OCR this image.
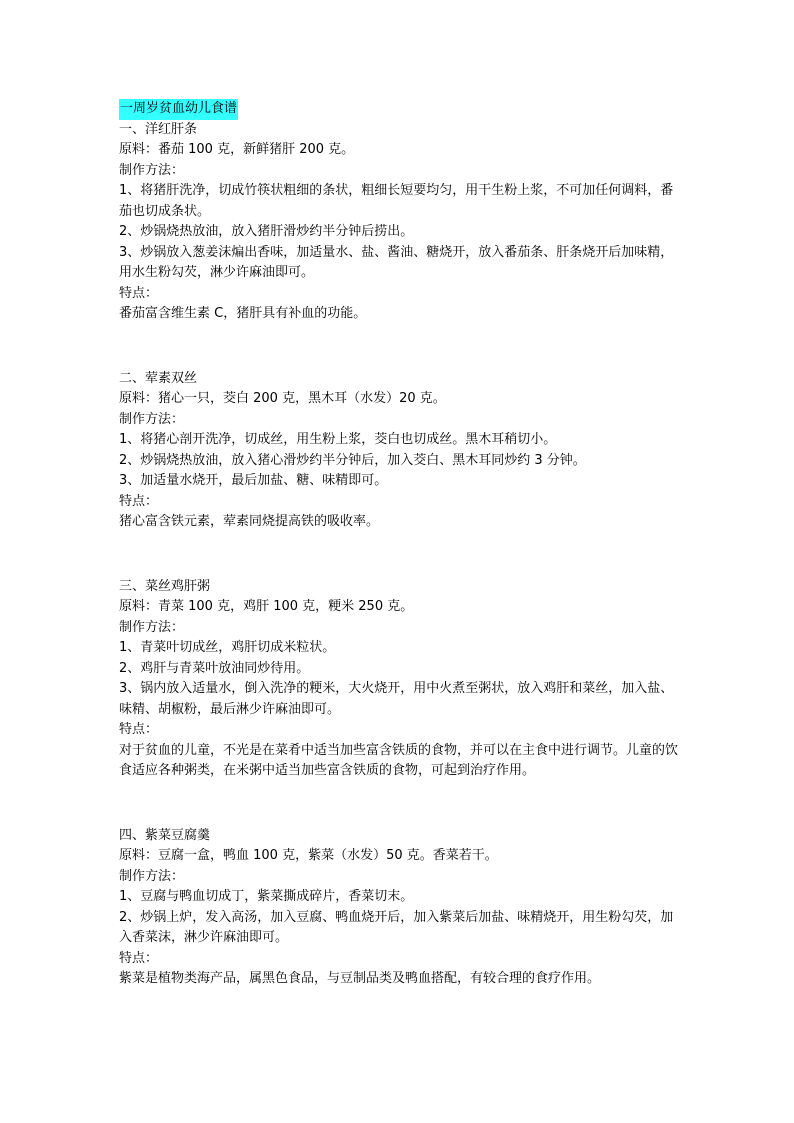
一周岁贫血幼儿食谱

一、洋红肝条

原料：番茄 100 克，新鲜猪肝 200 克。

制作方法：

1、将猪肝洗净，切成竹筷状粗细的条状，粗细长短要均匀，用干生粉上浆，不可加任何调料，番茄也切成条状。

2、炒锅烧热放油，放入猪肝滑炒约半分钟后捞出。

3、炒锅放入葱姜沫煸出香味，加适量水、盐、酱油、糖烧开，放入番茄条、肝条烧开后加味精，用水生粉勾芡，淋少许麻油即可。

特点：

番茄富含维生素 C，猪肝具有补血的功能。

二、荤素双丝

原料：猪心一只，茭白 200 克，黑木耳（水发）20 克。

制作方法：

1、将猪心剖开洗净，切成丝，用生粉上浆，茭白也切成丝。黑木耳稍切小。

2、炒锅烧热放油，放入猪心滑炒约半分钟后，加入茭白、黑木耳同炒约 3 分钟。

3、加适量水烧开，最后加盐、糖、味精即可。

特点：

猪心富含铁元素，荤素同烧提高铁的吸收率。

三、菜丝鸡肝粥

原料：青菜 100 克，鸡肝 100 克，粳米 250 克。

制作方法：

1、青菜叶切成丝，鸡肝切成米粒状。

2、鸡肝与青菜叶放油同炒待用。

3、锅内放入适量水，倒入洗净的粳米，大火烧开，用中火煮至粥状，放入鸡肝和菜丝，加入盐、味精、胡椒粉，最后淋少许麻油即可。

特点：

对于贫血的儿童，不光是在菜肴中适当加些富含铁质的食物，并可以在主食中进行调节。儿童的饮食适应各种粥类，在米粥中适当加些富含铁质的食物，可起到治疗作用。

四、紫菜豆腐羹

原料：豆腐一盒，鸭血 100 克，紫菜（水发）50 克。香菜若干。

制作方法：

1、豆腐与鸭血切成丁，紫菜撕成碎片，香菜切末。

2、炒锅上炉，发入高汤，加入豆腐、鸭血烧开后，加入紫菜后加盐、味精烧开，用生粉勾芡，加入香菜沫，淋少许麻油即可。

特点：

紫菜是植物类海产品，属黑色食品，与豆制品类及鸭血搭配，有较合理的食疗作用。
